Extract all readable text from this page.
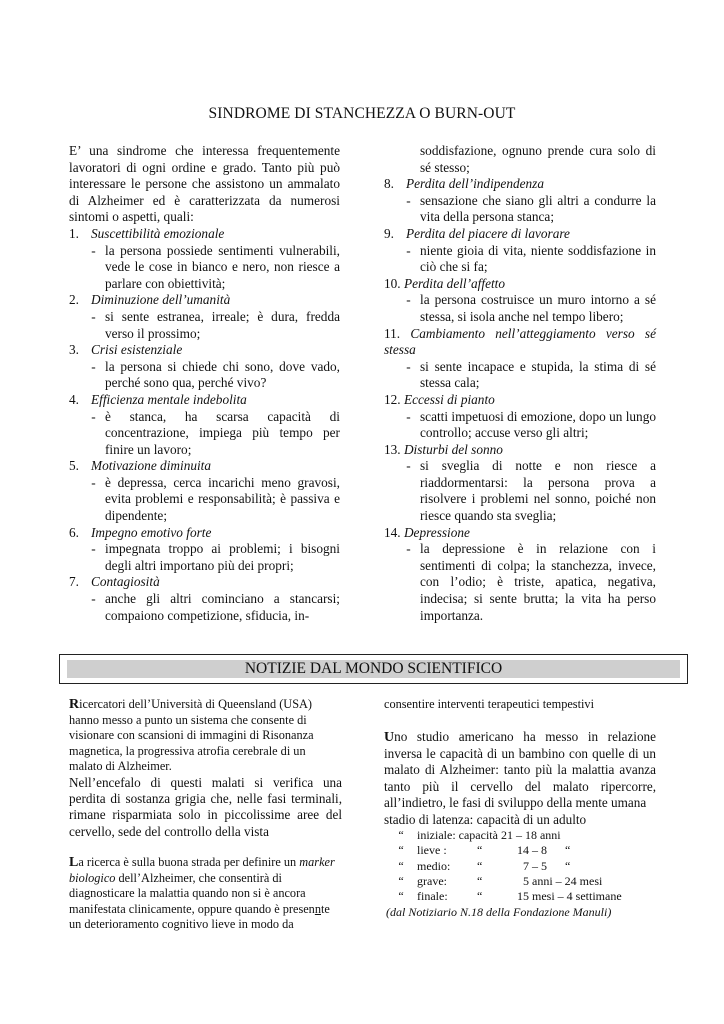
SINDROME DI STANCHEZZA O BURN-OUT

E’ una sindrome che interessa frequentemente lavoratori di ogni ordine e grado. Tanto più può interessare le persone che assistono un ammalato di Alzheimer ed è caratterizzata da numerosi sintomi o aspetti, quali:

1. Suscettibilità emozionale
- la persona possiede sentimenti vulnerabili, vede le cose in bianco e nero, non riesce a parlare con obiettività;
2. Diminuzione dell’umanità
- si sente estranea, irreale; è dura, fredda verso il prossimo;
3. Crisi esistenziale
- la persona si chiede chi sono, dove vado, perché sono qua, perché vivo?
4. Efficienza mentale indebolita
- è stanca, ha scarsa capacità di concentrazione, impiega più tempo per finire un lavoro;
5. Motivazione diminuita
- è depressa, cerca incarichi meno gravosi, evita problemi e responsabilità; è passiva e dipendente;
6. Impegno emotivo forte
- impegnata troppo ai problemi; i bisogni degli altri importano più dei propri;
7. Contagiosità
- anche gli altri cominciano a stancarsi; compaiono competizione, sfiducia, in-

soddisfazione, ognuno prende cura solo di sé stesso;

8. Perdita dell’indipendenza
- sensazione che siano gli altri a condurre la vita della persona stanca;
9. Perdita del piacere di lavorare
- niente gioia di vita, niente soddisfazione in ciò che si fa;
10. Perdita dell’affetto
- la persona costruisce un muro intorno a sé stessa, si isola anche nel tempo libero;
11. Cambiamento nell’atteggiamento verso sé stessa
- si sente incapace e stupida, la stima di sé stessa cala;
12. Eccessi di pianto
- scatti impetuosi di emozione, dopo un lungo controllo; accuse verso gli altri;
13. Disturbi del sonno
- si sveglia di notte e non riesce a riaddormentarsi: la persona prova a risolvere i problemi nel sonno, poiché non riesce quando sta sveglia;
14. Depressione
- la depressione è in relazione con i sentimenti di colpa; la stanchezza, invece, con l’odio; è triste, apatica, negativa, indecisa; si sente brutta; la vita ha perso importanza.
NOTIZIE DAL MONDO SCIENTIFICO

Ricercatori dell’Università di Queensland (USA) hanno messo a punto un sistema che consente di visionare con scansioni di immagini di Risonanza magnetica, la progressiva atrofia cerebrale di un malato di Alzheimer.

Nell’encefalo di questi malati si verifica una perdita di sostanza grigia che, nelle fasi terminali, rimane risparmiata solo in piccolissime aree del cervello, sede del controllo della vista

La ricerca è sulla buona strada per definire un marker biologico dell’Alzheimer, che consentirà di diagnosticare la malattia quando non si è ancora manifestata clinicamente, oppure quando è presennte un deterioramento cognitivo lieve in modo da

consentire interventi terapeutici tempestivi

Uno studio americano ha messo in relazione inversa le capacità di un bambino con quelle di un malato di Alzheimer: tanto più la malattia avanza tanto più il cervello del malato ripercorre, all’indietro, le fasi di sviluppo della mente umana

stadio di latenza: capacità di un adulto

“	iniziale: capacità 21 – 18 anni
“	lieve :	“	14 – 8	“
“	medio:	“	7 – 5	“
“	grave:	“	5 anni – 24 mesi
“	finale:	“	15 mesi – 4 settimane

(dal Notiziario N.18 della Fondazione Manuli)
